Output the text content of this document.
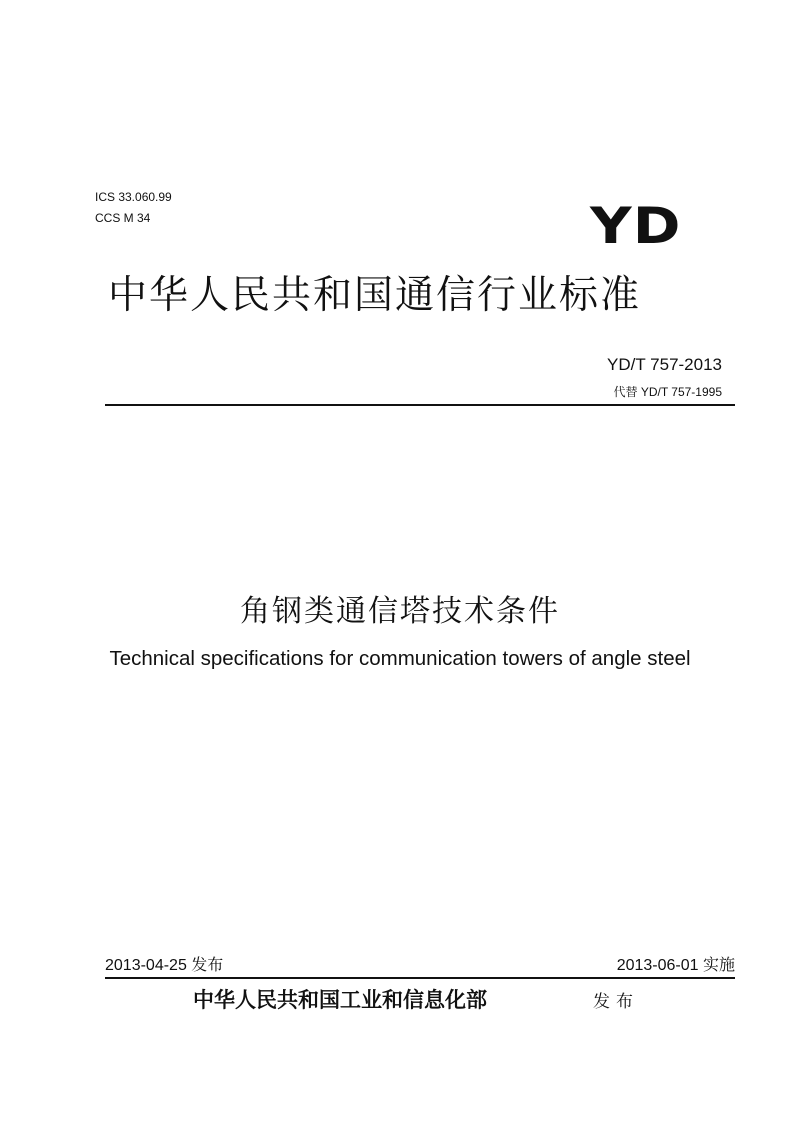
ICS 33.060.99
CCS M 34	YD
中华人民共和国通信行业标准
YD/T 757-2013
代替 YD/T 757-1995
角钢类通信塔技术条件
Technical specifications for communication towers of angle steel
2013-04-25 发布	2013-06-01 实施
中华人民共和国工业和信息化部	发布
